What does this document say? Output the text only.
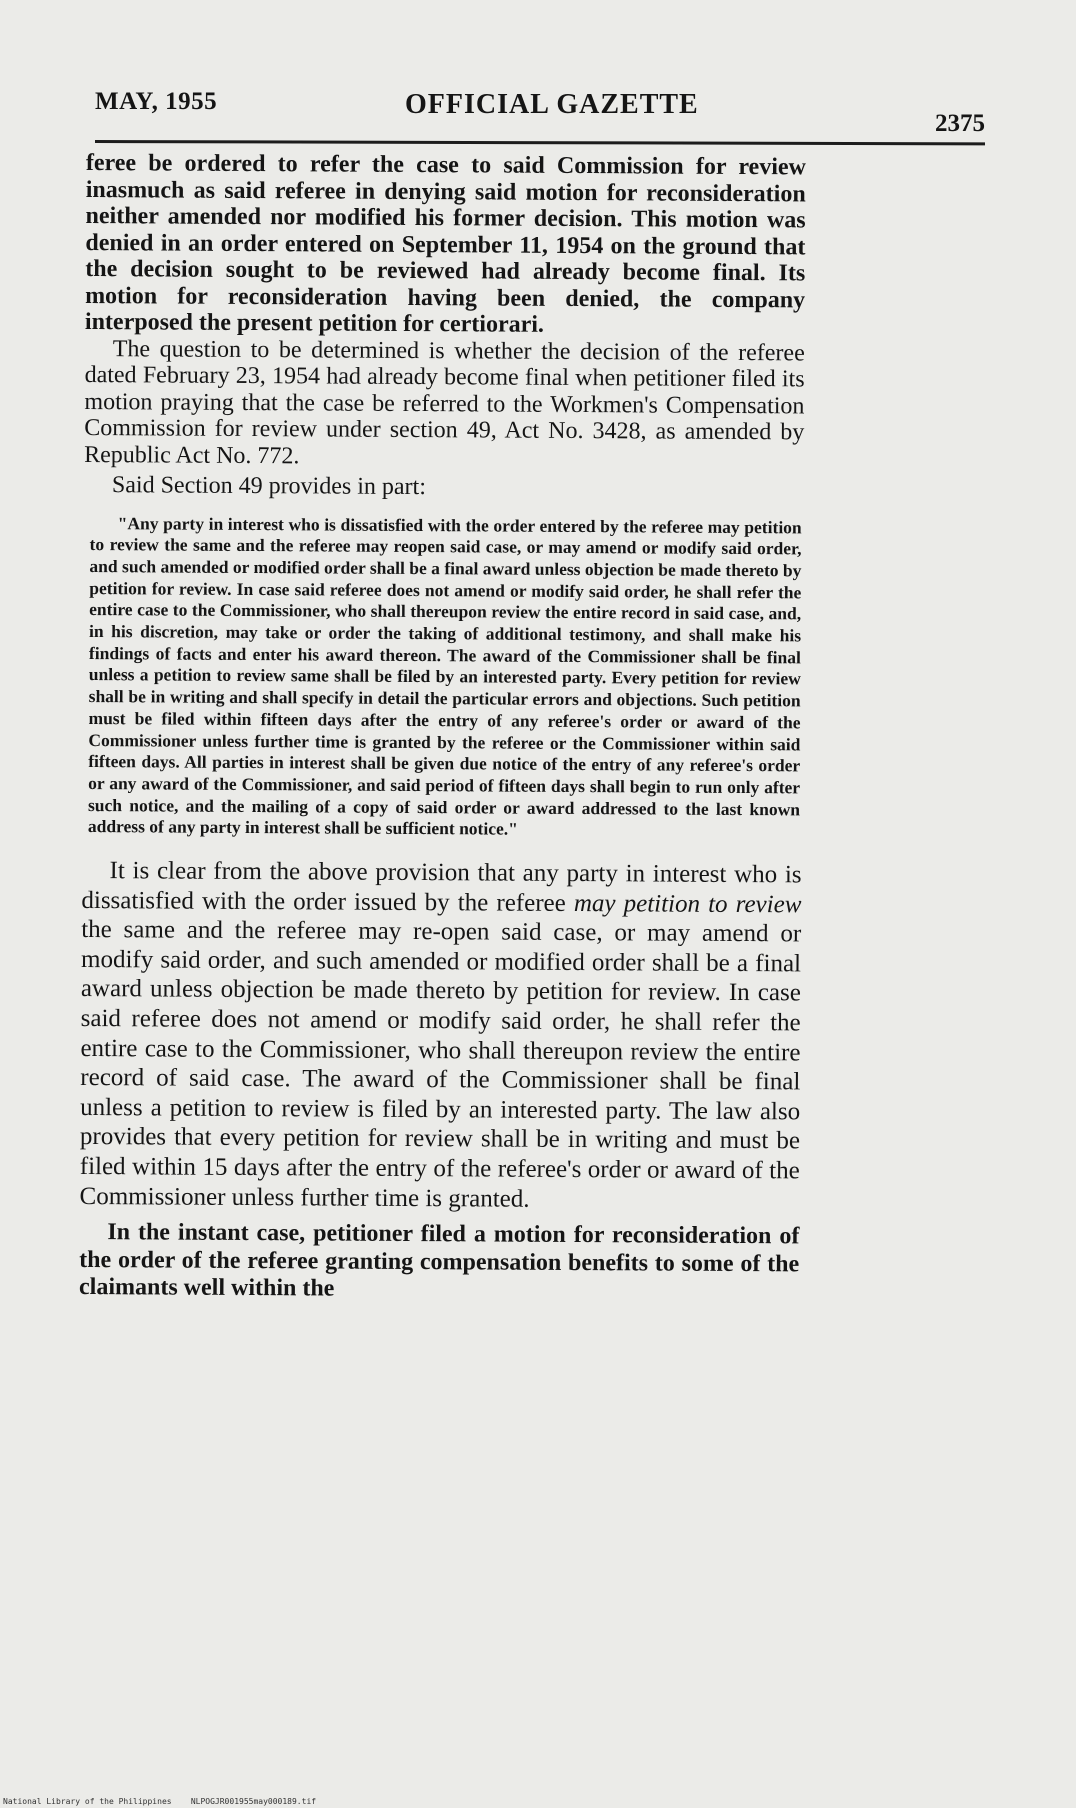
MAY, 1955	OFFICIAL GAZETTE
2375

feree be ordered to refer the case to said Commission for review inasmuch as said referee in denying said motion for reconsideration neither amended nor modified his former decision. This motion was denied in an order entered on September 11, 1954 on the ground that the decision sought to be reviewed had already become final. Its motion for reconsideration having been denied, the company interposed the present petition for certiorari.

The question to be determined is whether the decision of the referee dated February 23, 1954 had already become final when petitioner filed its motion praying that the case be referred to the Workmen's Compensation Commission for review under section 49, Act No. 3428, as amended by Republic Act No. 772.

Said Section 49 provides in part:

"Any party in interest who is dissatisfied with the order entered by the referee may petition to review the same and the referee may reopen said case, or may amend or modify said order, and such amended or modified order shall be a final award unless objection be made thereto by petition for review. In case said referee does not amend or modify said order, he shall refer the entire case to the Commissioner, who shall thereupon review the entire record in said case, and, in his discretion, may take or order the taking of additional testimony, and shall make his findings of facts and enter his award thereon. The award of the Commissioner shall be final unless a petition to review same shall be filed by an interested party. Every petition for review shall be in writing and shall specify in detail the particular errors and objections. Such petition must be filed within fifteen days after the entry of any referee's order or award of the Commissioner unless further time is granted by the referee or the Commissioner within said fifteen days. All parties in interest shall be given due notice of the entry of any referee's order or any award of the Commissioner, and said period of fifteen days shall begin to run only after such notice, and the mailing of a copy of said order or award addressed to the last known address of any party in interest shall be sufficient notice."

It is clear from the above provision that any party in interest who is dissatisfied with the order issued by the referee may petition to review the same and the referee may re-open said case, or may amend or modify said order, and such amended or modified order shall be a final award unless objection be made thereto by petition for review. In case said referee does not amend or modify said order, he shall refer the entire case to the Commissioner, who shall thereupon review the entire record of said case. The award of the Commissioner shall be final unless a petition to review is filed by an interested party. The law also provides that every petition for review shall be in writing and must be filed within 15 days after the entry of the referee's order or award of the Commissioner unless further time is granted.

In the instant case, petitioner filed a motion for reconsideration of the order of the referee granting compensation benefits to some of the claimants well within the

National Library of the Philippines NLPOGJR001955may000189.tif
